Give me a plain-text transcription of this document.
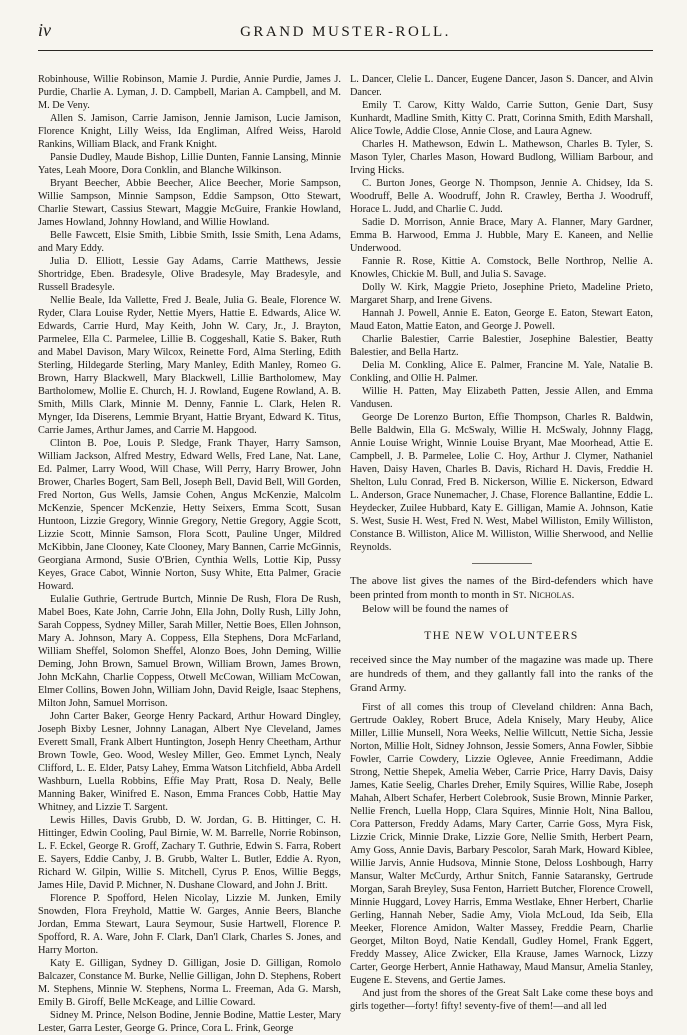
iv	GRAND MUSTER-ROLL.

Robinhouse, Willie Robinson, Mamie J. Purdie, Annie Purdie, James J. Purdie, Charlie A. Lyman, J. D. Campbell, Marian A. Campbell, and M. M. De Veny.

Allen S. Jamison, Carrie Jamison, Jennie Jamison, Lucie Jamison, Florence Knight, Lilly Weiss, Ida Engliman, Alfred Weiss, Harold Rankins, William Black, and Frank Knight.

Pansie Dudley, Maude Bishop, Lillie Dunten, Fannie Lansing, Minnie Yates, Leah Moore, Dora Conklin, and Blanche Wilkinson.

Bryant Beecher, Abbie Beecher, Alice Beecher, Morie Sampson, Willie Sampson, Minnie Sampson, Eddie Sampson, Otto Stewart, Charlie Stewart, Cassius Stewart, Maggie McGuire, Frankie Howland, James Howland, Johnny Howland, and Willie Howland.

Belle Fawcett, Elsie Smith, Libbie Smith, Issie Smith, Lena Adams, and Mary Eddy.

Julia D. Elliott, Lessie Gay Adams, Carrie Matthews, Jessie Shortridge, Eben. Bradesyle, Olive Bradesyle, May Bradesyle, and Russell Bradesyle.

Nellie Beale, Ida Vallette, Fred J. Beale, Julia G. Beale, Florence W. Ryder, Clara Louise Ryder, Nettie Myers, Hattie E. Edwards, Alice W. Edwards, Carrie Hurd, May Keith, John W. Cary, Jr., J. Brayton, Parmelee, Ella C. Parmelee, Lillie B. Coggeshall, Katie S. Baker, Ruth and Mabel Davison, Mary Wilcox, Reinette Ford, Alma Sterling, Edith Sterling, Hildegarde Sterling, Mary Manley, Edith Manley, Romeo G. Brown, Harry Blackwell, Mary Blackwell, Lillie Bartholomew, May Bartholomew, Mollie E. Church, H. J. Rowland, Eugene Rowland, A. B. Smith, Mills Clark, Minnie M. Denny, Fannie L. Clark, Helen R. Mynger, Ida Diserens, Lemmie Bryant, Hattie Bryant, Edward K. Titus, Carrie James, Arthur James, and Carrie M. Hapgood.

Clinton B. Poe, Louis P. Sledge, Frank Thayer, Harry Samson, William Jackson, Alfred Mestry, Edward Wells, Fred Lane, Nat. Lane, Ed. Palmer, Larry Wood, Will Chase, Will Perry, Harry Brower, John Brower, Charles Bogert, Sam Bell, Joseph Bell, David Bell, Will Gorden, Fred Norton, Gus Wells, Jamsie Cohen, Angus McKenzie, Malcolm McKenzie, Spencer McKenzie, Hetty Seixers, Emma Scott, Susan Huntoon, Lizzie Gregory, Winnie Gregory, Nettie Gregory, Aggie Scott, Lizzie Scott, Minnie Samson, Flora Scott, Pauline Unger, Mildred McKibbin, Jane Clooney, Kate Clooney, Mary Bannen, Carrie McGinnis, Georgiana Armond, Susie O'Brien, Cynthia Wells, Lottie Kip, Pussy Keyes, Grace Cabot, Winnie Norton, Susy White, Etta Palmer, Gracie Howard.

Eulalie Guthrie, Gertrude Burtch, Minnie De Rush, Flora De Rush, Mabel Boes, Kate John, Carrie John, Ella John, Dolly Rush, Lilly John, Sarah Coppess, Sydney Miller, Sarah Miller, Nettie Boes, Ellen Johnson, Mary A. Johnson, Mary A. Coppess, Ella Stephens, Dora McFarland, William Sheffel, Solomon Sheffel, Alonzo Boes, John Deming, Willie Deming, John Brown, Samuel Brown, William Brown, James Brown, John McKahn, Charlie Coppess, Otwell McCowan, William McCowan, Elmer Collins, Bowen John, William John, David Reigle, Isaac Stephens, Milton John, Samuel Morrison.

John Carter Baker, George Henry Packard, Arthur Howard Dingley, Joseph Bixby Lesner, Johnny Lanagan, Albert Nye Cleveland, James Everett Small, Frank Albert Huntington, Joseph Henry Cheetham, Arthur Brown Towle, Geo. Wood, Wesley Miller, Geo. Emmet Lynch, Nealy Clifford, L. E. Elder, Patsy Lahey, Emma Watson Litchfield, Abba Ardell Washburn, Luella Robbins, Effie May Pratt, Rosa D. Nealy, Belle Manning Baker, Winifred E. Nason, Emma Frances Cobb, Hattie May Whitney, and Lizzie T. Sargent.

Lewis Hilles, Davis Grubb, D. W. Jordan, G. B. Hittinger, C. H. Hittinger, Edwin Cooling, Paul Birnie, W. M. Barrelle, Norrie Robinson, L. F. Eckel, George R. Groff, Zachary T. Guthrie, Edwin S. Farra, Robert E. Sayers, Eddie Canby, J. B. Grubb, Walter L. Butler, Eddie A. Ryon, Richard W. Gilpin, Willie S. Mitchell, Cyrus P. Enos, Willie Beggs, James Hile, David P. Michner, N. Dushane Cloward, and John J. Britt.

Florence P. Spofford, Helen Nicolay, Lizzie M. Junken, Emily Snowden, Flora Freyhold, Mattie W. Garges, Annie Beers, Blanche Jordan, Emma Stewart, Laura Seymour, Susie Hartwell, Florence P. Spofford, R. A. Ware, John F. Clark, Dan'l Clark, Charles S. Jones, and Harry Morton.

Katy E. Gilligan, Sydney D. Gilligan, Josie D. Gilligan, Romolo Balcazer, Constance M. Burke, Nellie Gilligan, John D. Stephens, Robert M. Stephens, Minnie W. Stephens, Norma L. Freeman, Ada G. Marsh, Emily B. Giroff, Belle McKeage, and Lillie Coward.

Sidney M. Prince, Nelson Bodine, Jennie Bodine, Mattie Lester, Mary Lester, Garra Lester, George G. Prince, Cora L. Frink, George

L. Dancer, Clelie L. Dancer, Eugene Dancer, Jason S. Dancer, and Alvin Dancer.

Emily T. Carow, Kitty Waldo, Carrie Sutton, Genie Dart, Susy Kunhardt, Madline Smith, Kitty C. Pratt, Corinna Smith, Edith Marshall, Alice Towle, Addie Close, Annie Close, and Laura Agnew.

Charles H. Mathewson, Edwin L. Mathewson, Charles B. Tyler, S. Mason Tyler, Charles Mason, Howard Budlong, William Barbour, and Irving Hicks.

C. Burton Jones, George N. Thompson, Jennie A. Chidsey, Ida S. Woodruff, Belle A. Woodruff, John R. Crawley, Bertha J. Woodruff, Horace L. Judd, and Charlie C. Judd.

Sadie D. Morrison, Annie Brace, Mary A. Flanner, Mary Gardner, Emma B. Harwood, Emma J. Hubble, Mary E. Kaneen, and Nellie Underwood.

Fannie R. Rose, Kittie A. Comstock, Belle Northrop, Nellie A. Knowles, Chickie M. Bull, and Julia S. Savage.

Dolly W. Kirk, Maggie Prieto, Josephine Prieto, Madeline Prieto, Margaret Sharp, and Irene Givens.

Hannah J. Powell, Annie E. Eaton, George E. Eaton, Stewart Eaton, Maud Eaton, Mattie Eaton, and George J. Powell.

Charlie Balestier, Carrie Balestier, Josephine Balestier, Beatty Balestier, and Bella Hartz.

Delia M. Conkling, Alice E. Palmer, Francine M. Yale, Natalie B. Conkling, and Ollie H. Palmer.

Willie H. Patten, May Elizabeth Patten, Jessie Allen, and Emma Vandusen.

George De Lorenzo Burton, Effie Thompson, Charles R. Baldwin, Belle Baldwin, Ella G. McSwaly, Willie H. McSwaly, Johnny Flagg, Annie Louise Wright, Winnie Louise Bryant, Mae Moorhead, Attie E. Campbell, J. B. Parmelee, Lolie C. Hoy, Arthur J. Clymer, Nathaniel Haven, Daisy Haven, Charles B. Davis, Richard H. Davis, Freddie H. Shelton, Lulu Conrad, Fred B. Nickerson, Willie E. Nickerson, Edward L. Anderson, Grace Nunemacher, J. Chase, Florence Ballantine, Eddie L. Heydecker, Zuilee Hubbard, Katy E. Gilligan, Mamie A. Johnson, Katie S. West, Susie H. West, Fred N. West, Mabel Williston, Emily Williston, Constance B. Williston, Alice M. Williston, Willie Sherwood, and Nellie Reynolds.

The above list gives the names of the Bird-defenders which have been printed from month to month in St. Nicholas.

Below will be found the names of

THE NEW VOLUNTEERS

received since the May number of the magazine was made up. There are hundreds of them, and they gallantly fall into the ranks of the Grand Army.

First of all comes this troup of Cleveland children: Anna Bach, Gertrude Oakley, Robert Bruce, Adela Knisely, Mary Heuby, Alice Miller, Lillie Munsell, Nora Weeks, Nellie Willcutt, Nettie Sicha, Jessie Norton, Millie Holt, Sidney Johnson, Jessie Somers, Anna Fowler, Sibbie Fowler, Carrie Cowdery, Lizzie Oglevee, Annie Freedimann, Addie Strong, Nettie Shepek, Amelia Weber, Carrie Price, Harry Davis, Daisy James, Katie Seelig, Charles Dreher, Emily Squires, Willie Rabe, Joseph Mahah, Albert Schafer, Herbert Colebrook, Susie Brown, Minnie Parker, Nellie French, Luella Hopp, Clara Squires, Minnie Holt, Nina Ballou, Cora Patterson, Freddy Adams, Mary Carter, Carrie Goss, Myra Fisk, Lizzie Crick, Minnie Drake, Lizzie Gore, Nellie Smith, Herbert Pearn, Amy Goss, Annie Davis, Barbary Pescolor, Sarah Mark, Howard Kiblee, Willie Jarvis, Annie Hudsova, Minnie Stone, Deloss Loshbough, Harry Mansur, Walter McCurdy, Arthur Snitch, Fannie Sataransky, Gertrude Morgan, Sarah Breyley, Susa Fenton, Harriett Butcher, Florence Crowell, Minnie Huggard, Lovey Harris, Emma Westlake, Ehner Herbert, Charlie Gerling, Hannah Neber, Sadie Amy, Viola McLoud, Ida Seib, Ella Meeker, Florence Amidon, Walter Massey, Freddie Pearn, Charlie Georget, Milton Boyd, Natie Kendall, Gudley Homel, Frank Eggert, Freddy Massey, Alice Zwicker, Ella Krause, James Warnock, Lizzy Carter, George Herbert, Annie Hathaway, Maud Mansur, Amelia Stanley, Eugene E. Stevens, and Gertie James.

And just from the shores of the Great Salt Lake come these boys and girls together—forty! fifty! seventy-five of them!—and all led
